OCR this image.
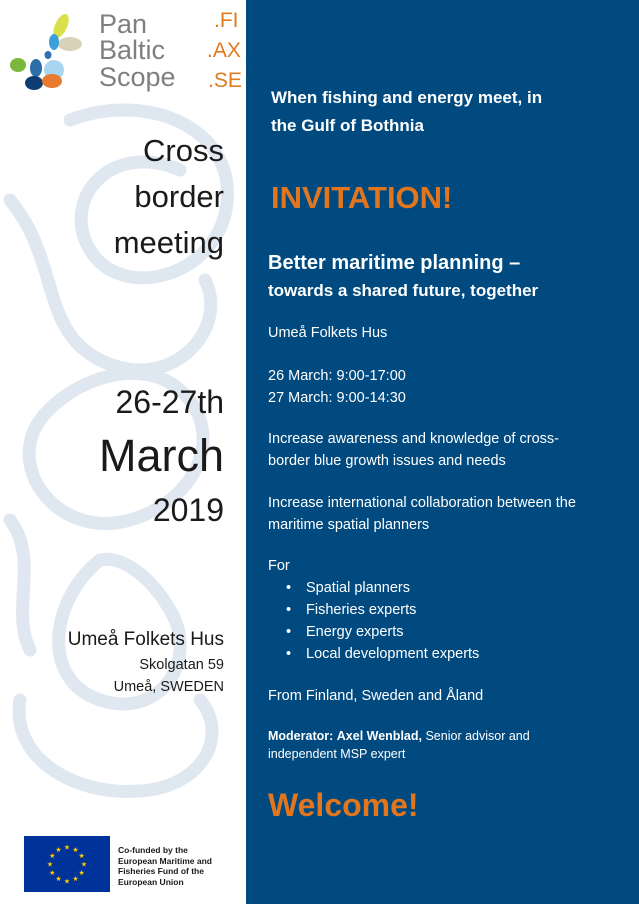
Pan
Baltic
Scope
.FI
.AX
.SE
Cross
border
meeting
26-27th
March
2019
Umeå Folkets Hus
Skolgatan 59
Umeå, SWEDEN
★ ★
★
★
★
★
★
★
★
★
★
★	Co-funded by the
European Maritime and
Fisheries Fund of the
European Union
When fishing and energy meet, in
the Gulf of Bothnia
INVITATION!
Better maritime planning –
towards a shared future, together
Umeå Folkets Hus
26 March: 9:00-17:00
27 March: 9:00-14:30
Increase awareness and knowledge of cross-
border blue growth issues and needs
Increase international collaboration between the
maritime spatial planners
For
• Spatial planners
• Fisheries experts
• Energy experts
• Local development experts
From Finland, Sweden and Åland
Moderator: Axel Wenblad, Senior advisor and
independent MSP expert
Welcome!
